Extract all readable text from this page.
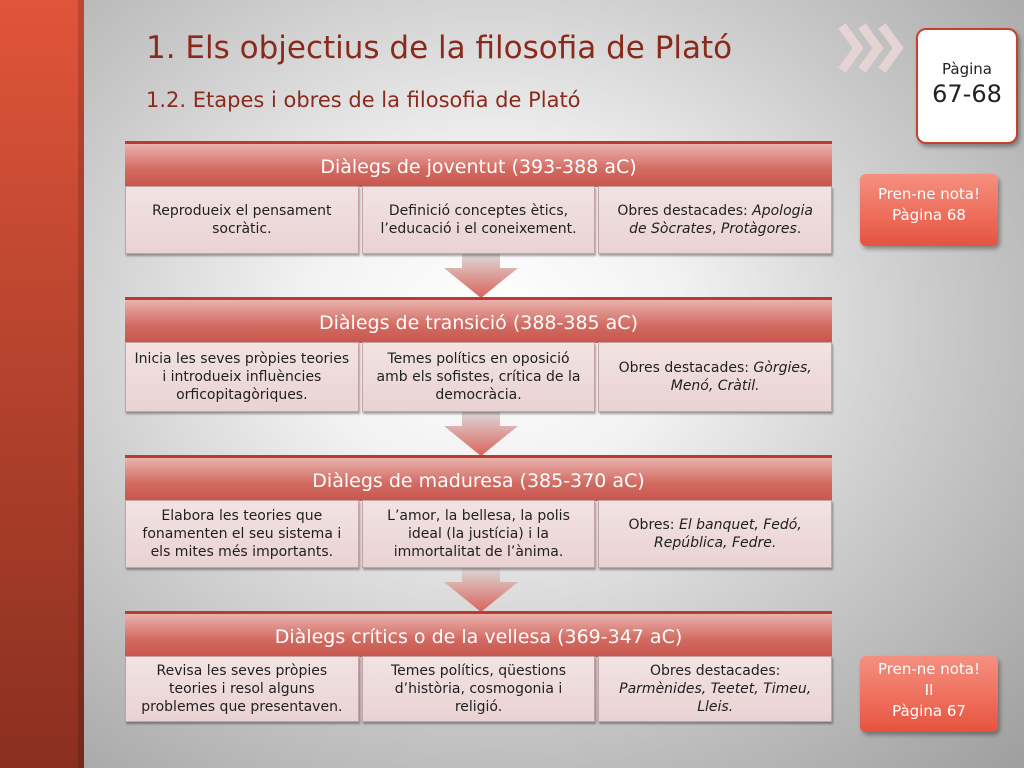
1. Els objectius de la filosofia de Plató
1.2. Etapes i obres de la filosofia de Plató
Pàgina
67-68
Pren-ne nota!
Pàgina 68
Pren-ne nota!
II
Pàgina 67
Diàlegs de joventut (393-388 aC)
Reprodueix el pensament socràtic.
Definició conceptes ètics, l’educació i el coneixement.
Obres destacades: Apologia de Sòcrates, Protàgores.
Diàlegs de transició (388-385 aC)
Inicia les seves pròpies teories i introdueix influències orficopitagòriques.
Temes polítics en oposició amb els sofistes, crítica de la democràcia.
Obres destacades: Gòrgies, Menó, Cràtil.
Diàlegs de maduresa (385-370 aC)
Elabora les teories que fonamenten el seu sistema i els mites més importants.
L’amor, la bellesa, la polis ideal (la justícia) i la immortalitat de l’ànima.
Obres: El banquet, Fedó, República, Fedre.
Diàlegs crítics o de la vellesa (369-347 aC)
Revisa les seves pròpies teories i resol alguns problemes que presentaven.
Temes polítics, qüestions d’història, cosmogonia i religió.
Obres destacades: Parmènides, Teetet, Timeu, Lleis.
